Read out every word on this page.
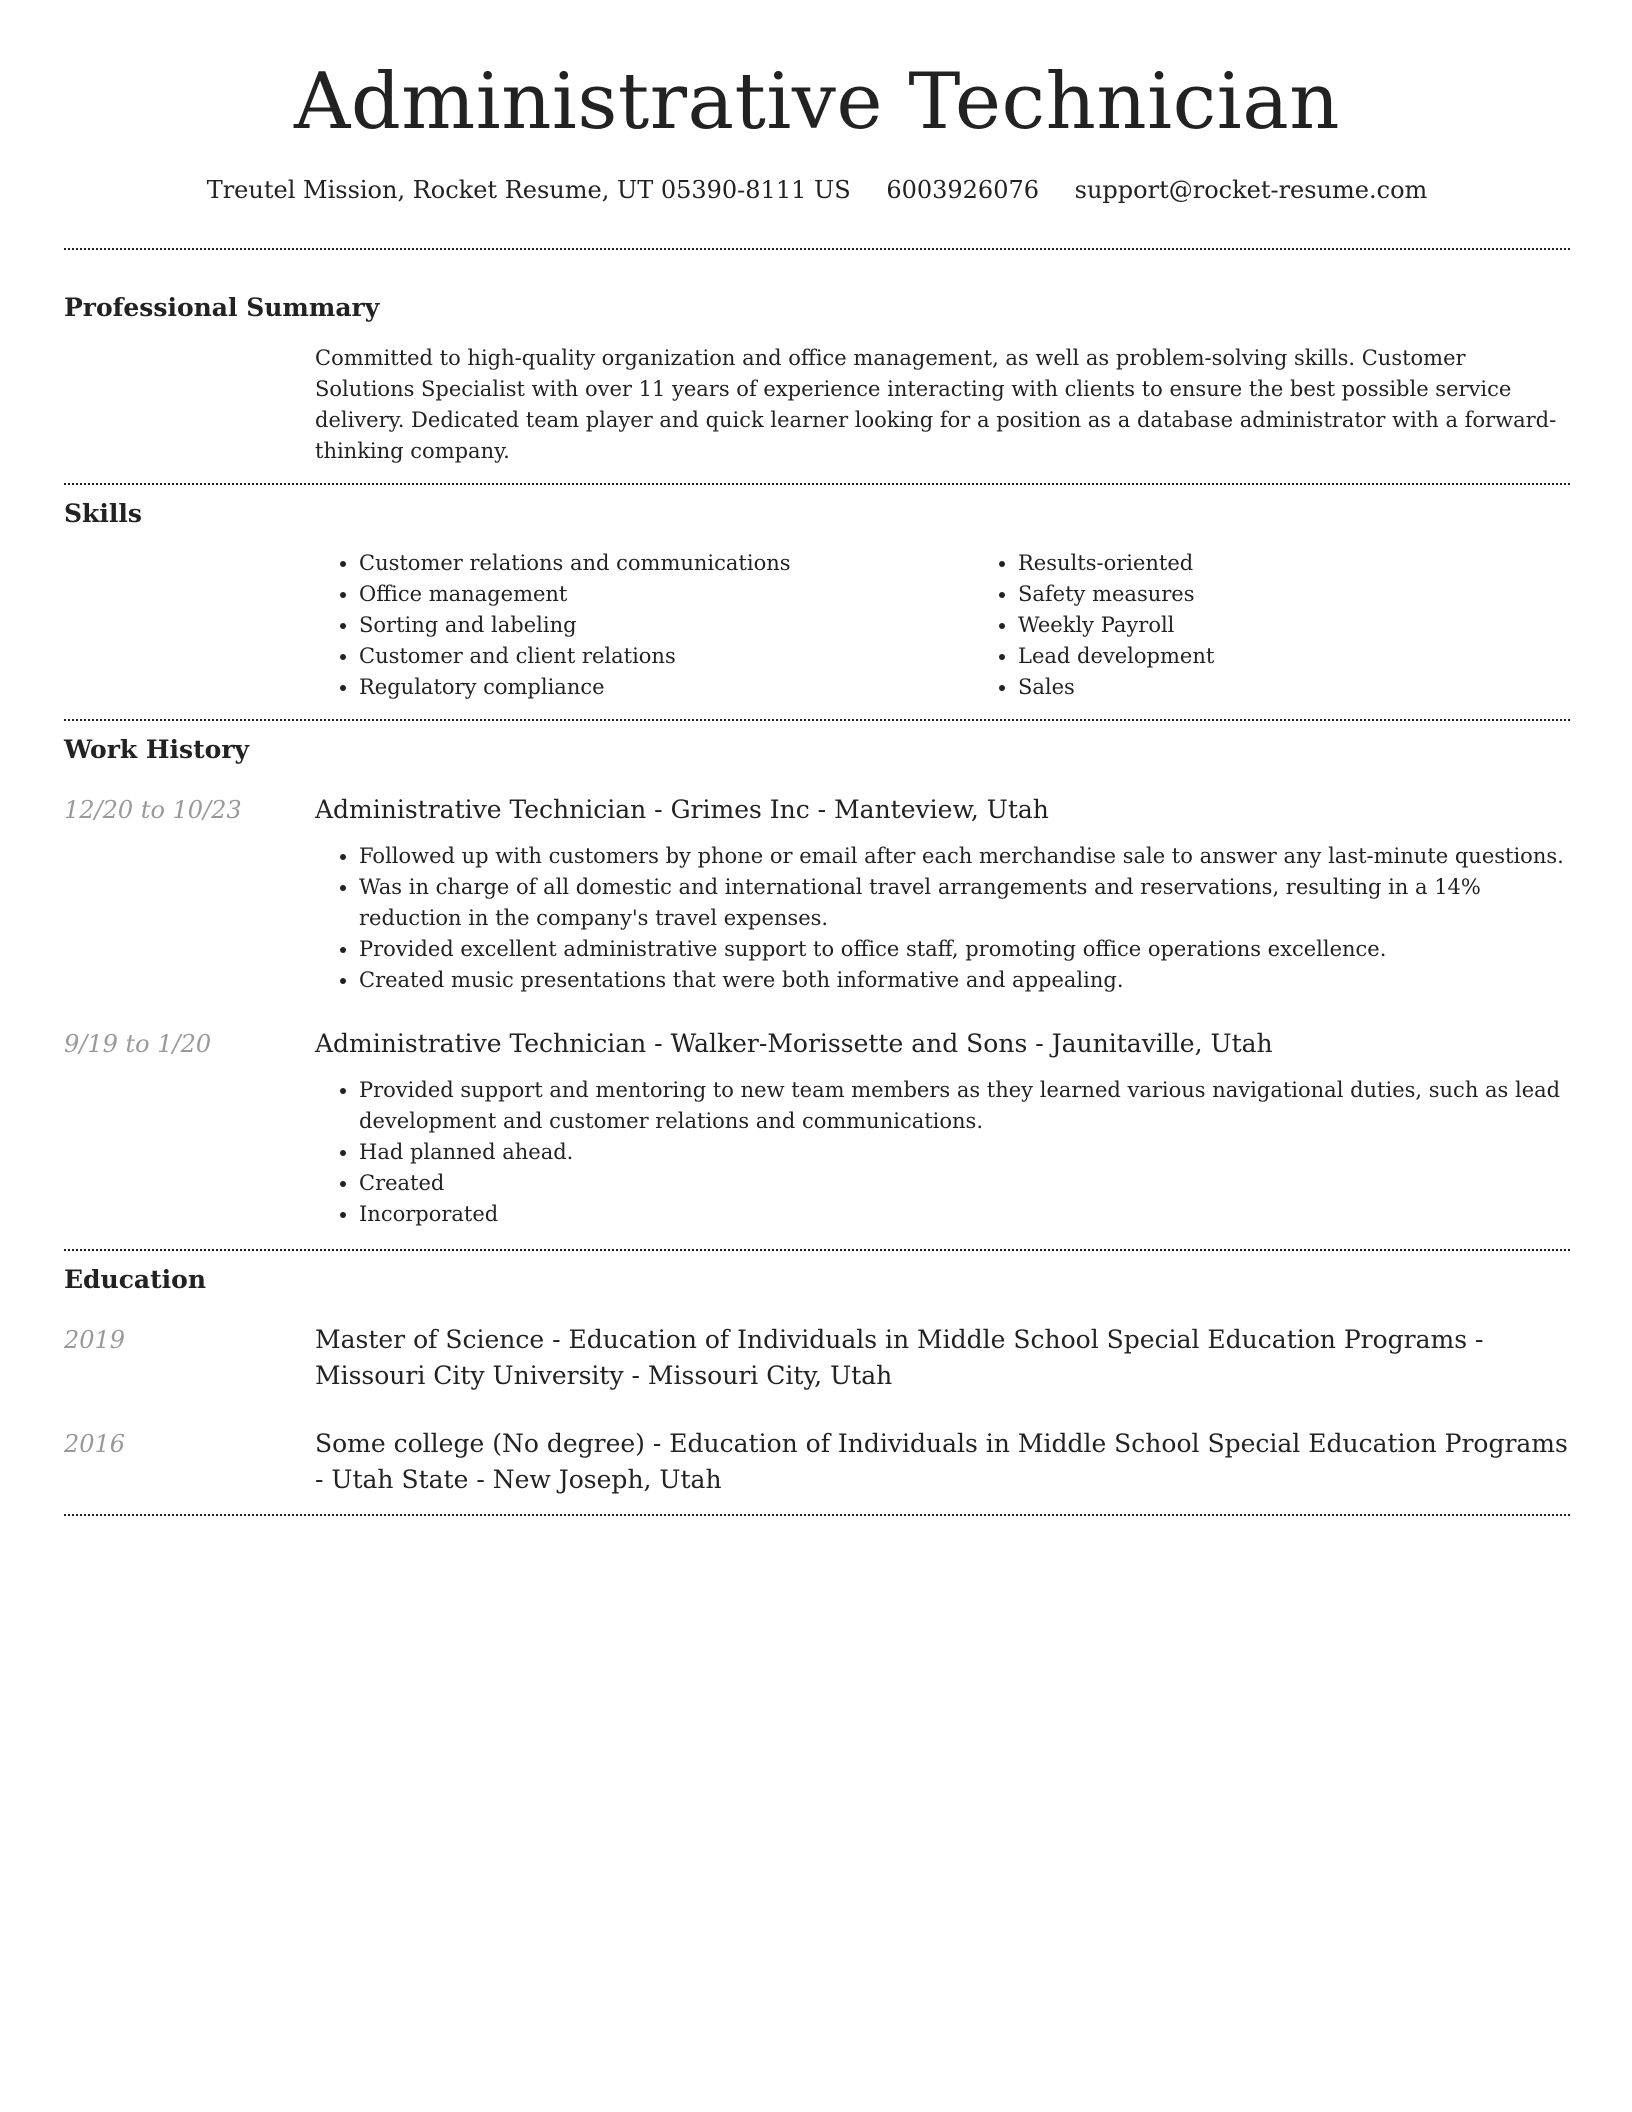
Administrative Technician
Treutel Mission, Rocket Resume, UT 05390-8111 US 6003926076 support@rocket-resume.com
Professional Summary
Committed to high-quality organization and office management, as well as problem-solving skills. Customer Solutions Specialist with over 11 years of experience interacting with clients to ensure the best possible service delivery. Dedicated team player and quick learner looking for a position as a database administrator with a forward-thinking company.
Skills
• Customer relations and communications
• Office management
• Sorting and labeling
• Customer and client relations
• Regulatory compliance
• Results-oriented
• Safety measures
• Weekly Payroll
• Lead development
• Sales
Work History
12/20 to 10/23	Administrative Technician - Grimes Inc - Manteview, Utah
• Followed up with customers by phone or email after each merchandise sale to answer any last-minute questions.
• Was in charge of all domestic and international travel arrangements and reservations, resulting in a 14% reduction in the company's travel expenses.
• Provided excellent administrative support to office staff, promoting office operations excellence.
• Created music presentations that were both informative and appealing.
9/19 to 1/20	Administrative Technician - Walker-Morissette and Sons - Jaunitaville, Utah
• Provided support and mentoring to new team members as they learned various navigational duties, such as lead development and customer relations and communications.
• Had planned ahead.
• Created
• Incorporated
Education
2019	Master of Science - Education of Individuals in Middle School Special Education Programs - Missouri City University - Missouri City, Utah
2016	Some college (No degree) - Education of Individuals in Middle School Special Education Programs - Utah State - New Joseph, Utah
